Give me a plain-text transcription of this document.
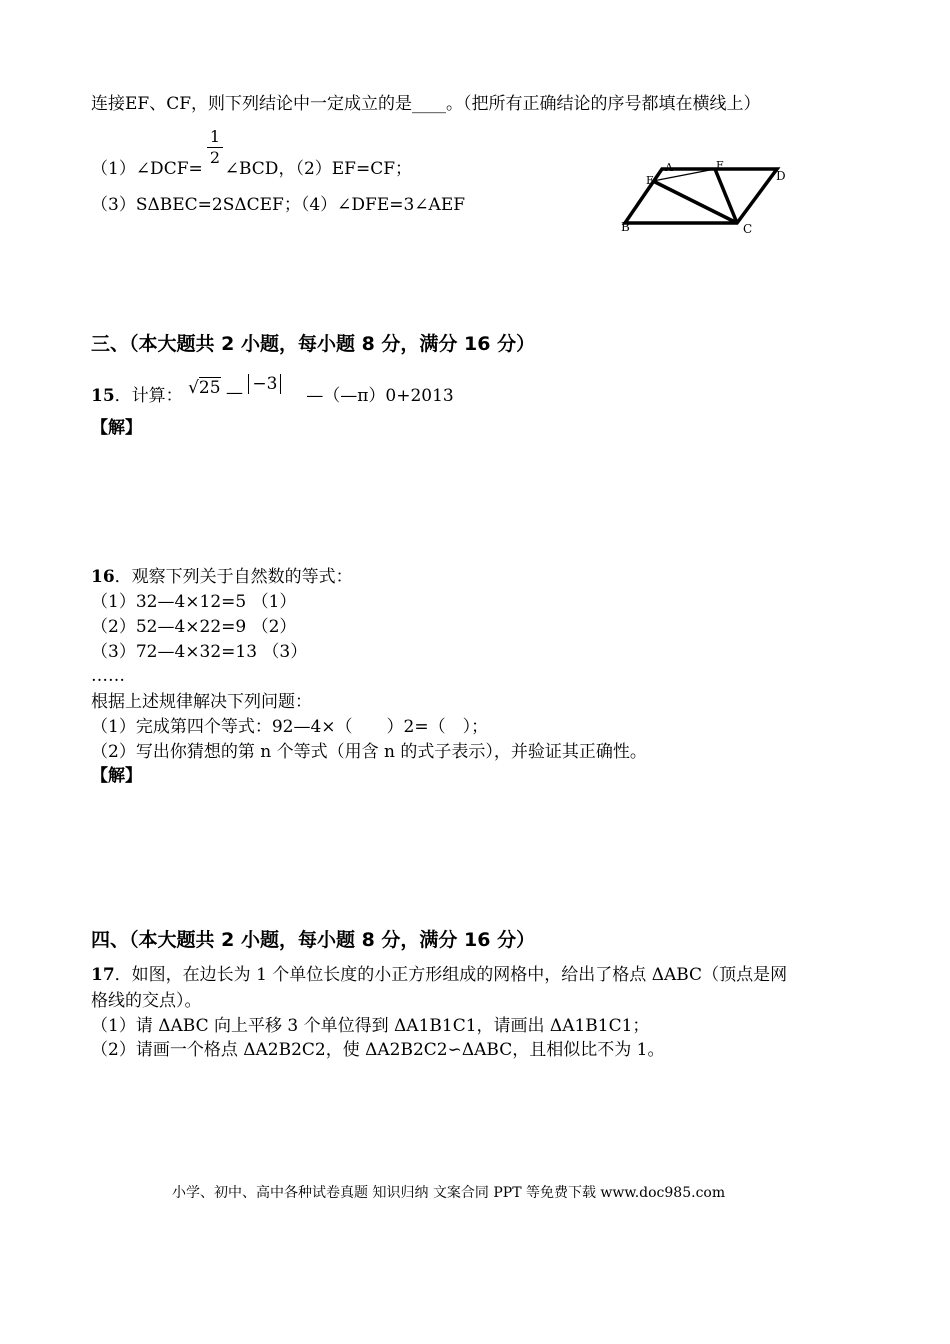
连接EF、CF，则下列结论中一定成立的是____。（把所有正确结论的序号都填在横线上）
1
2
（1）∠DCF= ∠BCD，（2）EF=CF；
（3）SΔBEC=2SΔCEF；（4）∠DFE=3∠AEF
A	F
D
E
B	C
三、（本大题共 2 小题，每小题 8 分，满分 16 分）
15．计算： √25 — −3  —（—π）0+2013
【解】
16．观察下列关于自然数的等式：
（1）32—4×12=5 （1）
（2）52—4×22=9 （2）
（3）72—4×32=13 （3）
……
根据上述规律解决下列问题：
（1）完成第四个等式：92—4×（　　）2=（　）；
（2）写出你猜想的第 n 个等式（用含 n 的式子表示），并验证其正确性。
【解】
四、（本大题共 2 小题，每小题 8 分，满分 16 分）
17．如图，在边长为 1 个单位长度的小正方形组成的网格中，给出了格点 ΔABC（顶点是网
格线的交点）。
（1）请 ΔABC 向上平移 3 个单位得到 ΔA1B1C1，请画出 ΔA1B1C1；
（2）请画一个格点 ΔA2B2C2，使 ΔA2B2C2∽ΔABC，且相似比不为 1。
小学、初中、高中各种试卷真题 知识归纳 文案合同 PPT 等免费下载 www.doc985.com
